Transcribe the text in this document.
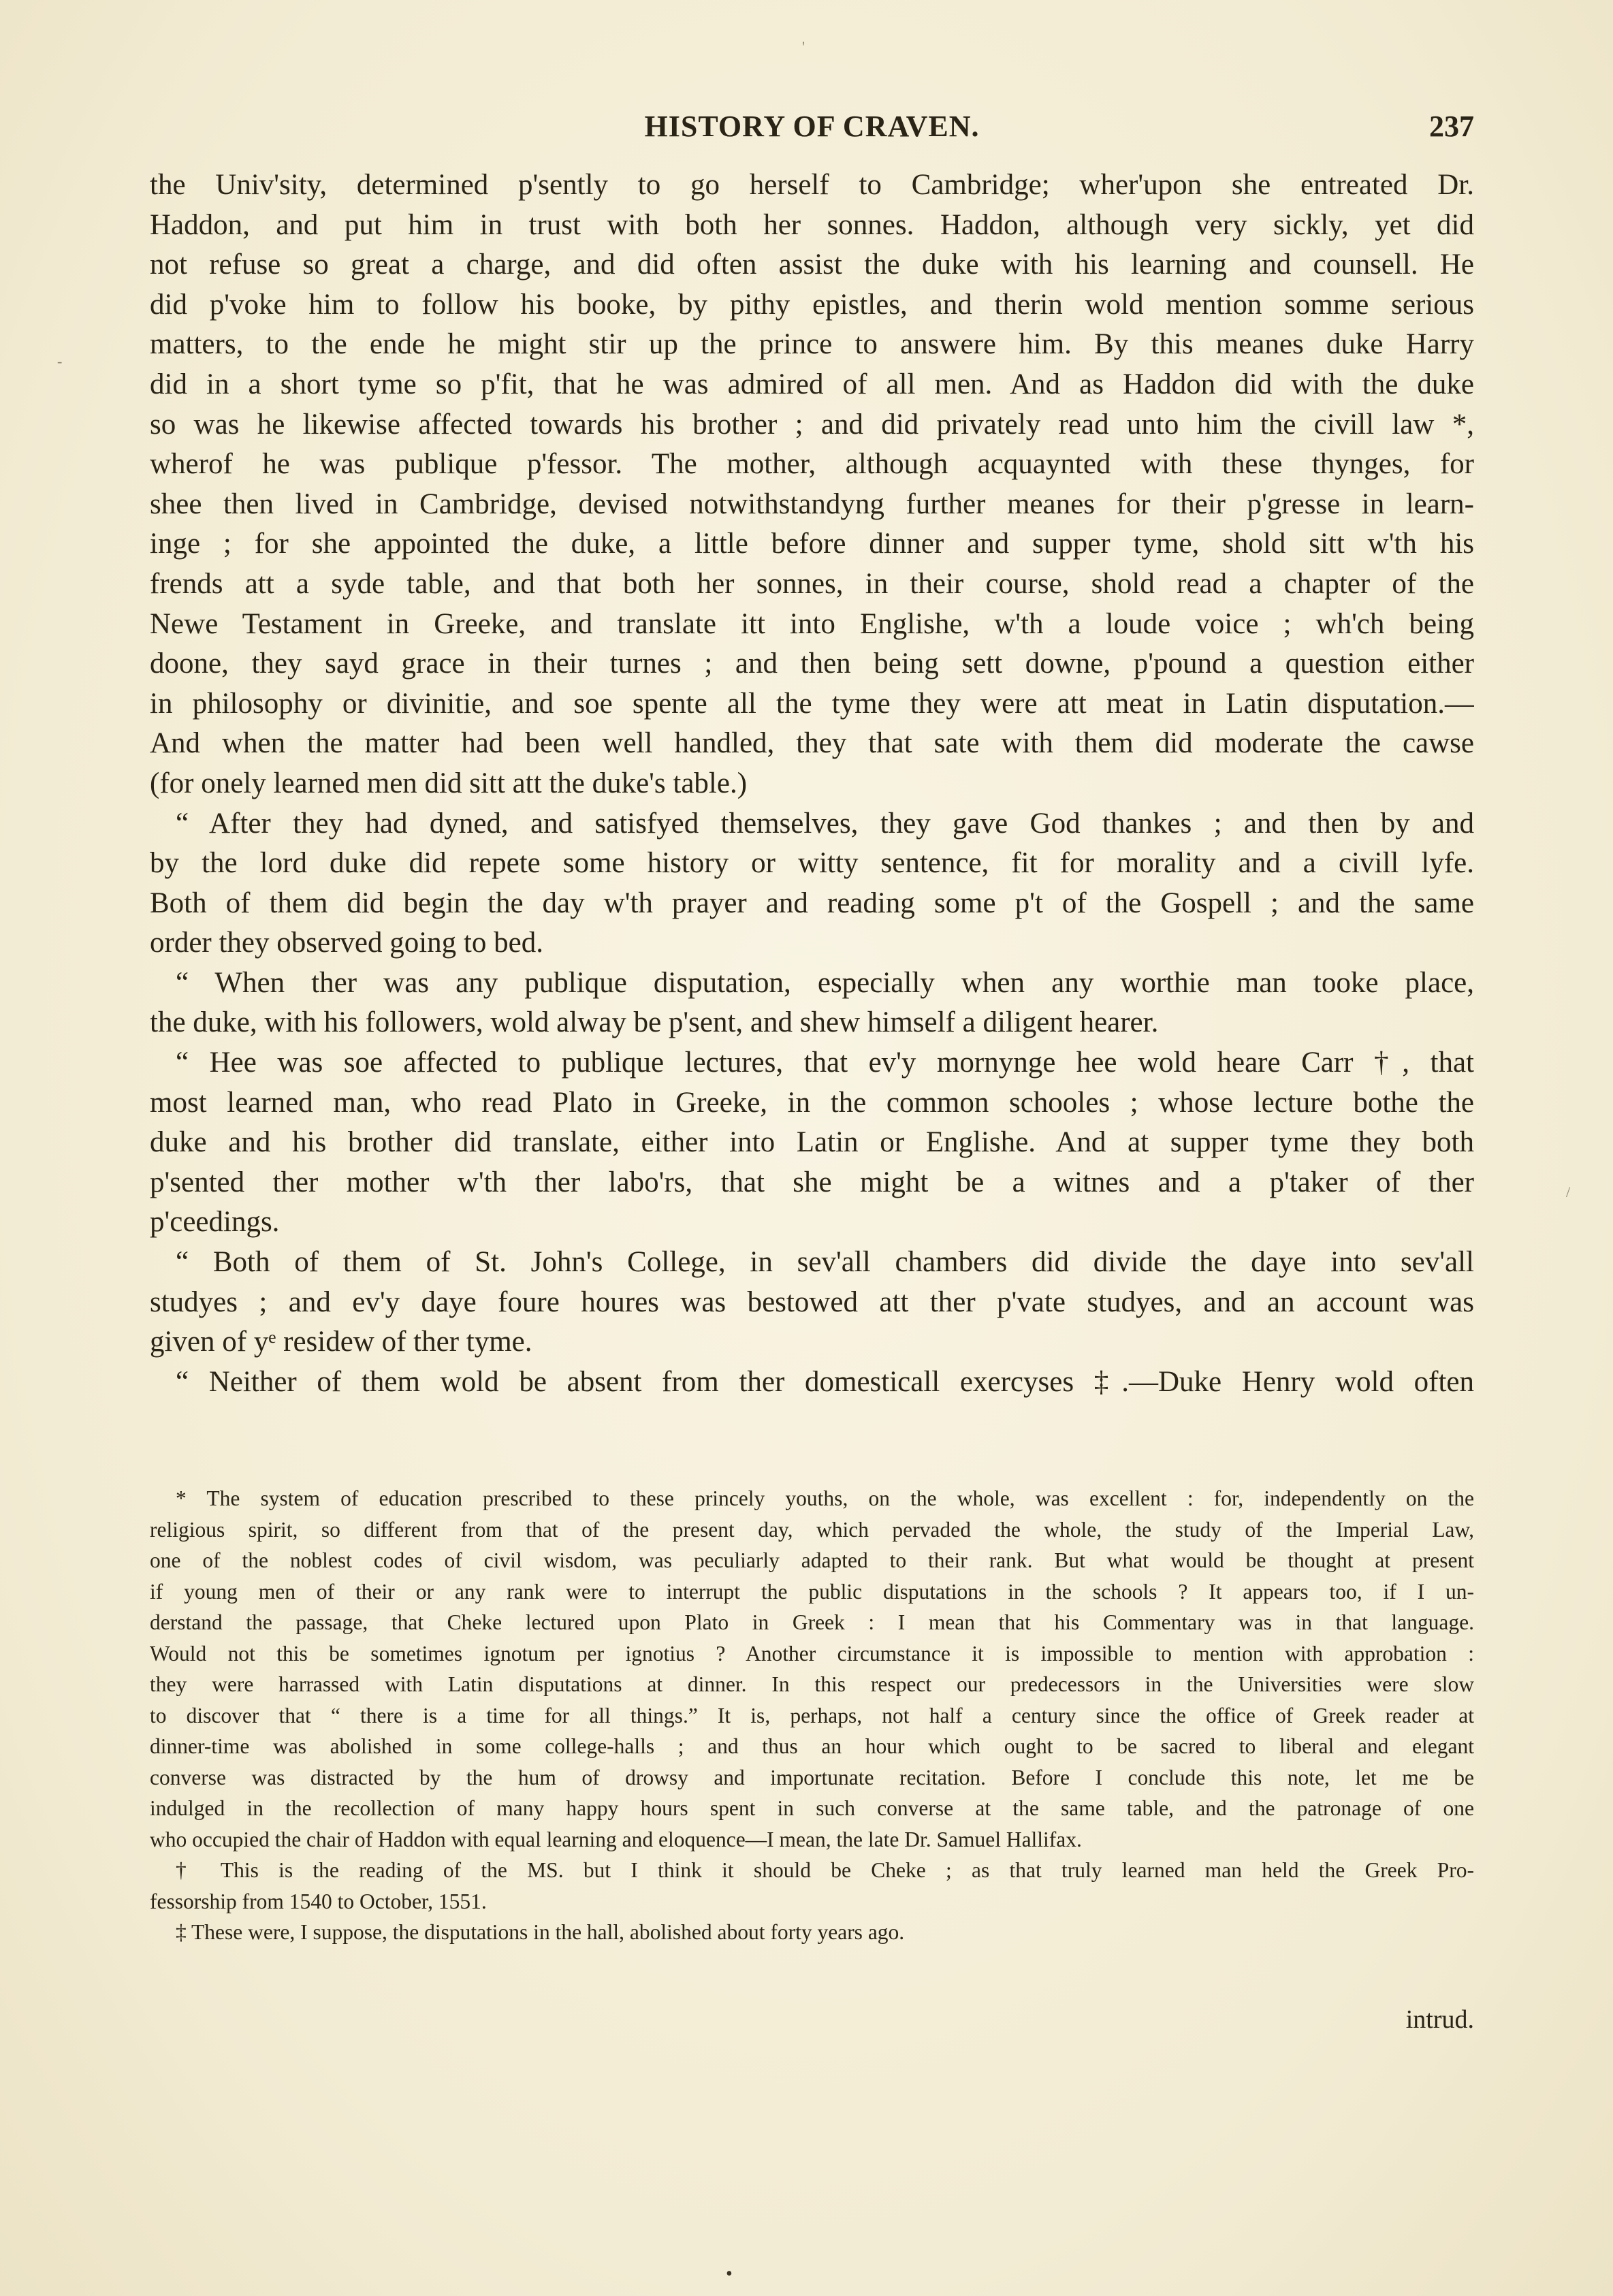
HISTORY OF CRAVEN.	237
the Univ'sity, determined p'sently to go herself to Cambridge; wher'upon she entreated Dr.
Haddon, and put him in trust with both her sonnes. Haddon, although very sickly, yet did
not refuse so great a charge, and did often assist the duke with his learning and counsell. He
did p'voke him to follow his booke, by pithy epistles, and therin wold mention somme serious
matters, to the ende he might stir up the prince to answere him. By this meanes duke Harry
did in a short tyme so p'fit, that he was admired of all men. And as Haddon did with the duke
so was he likewise affected towards his brother ; and did privately read unto him the civill law *,
wherof he was publique p'fessor. The mother, although acquaynted with these thynges, for
shee then lived in Cambridge, devised notwithstandyng further meanes for their p'gresse in learn-
inge ; for she appointed the duke, a little before dinner and supper tyme, shold sitt w'th his
frends att a syde table, and that both her sonnes, in their course, shold read a chapter of the
Newe Testament in Greeke, and translate itt into Englishe, w'th a loude voice ; wh'ch being
doone, they sayd grace in their turnes ; and then being sett downe, p'pound a question either
in philosophy or divinitie, and soe spente all the tyme they were att meat in Latin disputation.—
And when the matter had been well handled, they that sate with them did moderate the cawse
(for onely learned men did sitt att the duke's table.)
“ After they had dyned, and satisfyed themselves, they gave God thankes ; and then by and
by the lord duke did repete some history or witty sentence, fit for morality and a civill lyfe.
Both of them did begin the day w'th prayer and reading some p't of the Gospell ; and the same
order they observed going to bed.
“ When ther was any publique disputation, especially when any worthie man tooke place,
the duke, with his followers, wold alway be p'sent, and shew himself a diligent hearer.
“ Hee was soe affected to publique lectures, that ev'y mornynge hee wold heare Carr †, that
most learned man, who read Plato in Greeke, in the common schooles ; whose lecture bothe the
duke and his brother did translate, either into Latin or Englishe. And at supper tyme they both
p'sented ther mother w'th ther labo'rs, that she might be a witnes and a p'taker of ther
p'ceedings.
“ Both of them of St. John's College, in sev'all chambers did divide the daye into sev'all
studyes ; and ev'y daye foure houres was bestowed att ther p'vate studyes, and an account was
given of yᵉ residew of ther tyme.
“ Neither of them wold be absent from ther domesticall exercyses ‡.—Duke Henry wold often
* The system of education prescribed to these princely youths, on the whole, was excellent : for, independently on the
religious spirit, so different from that of the present day, which pervaded the whole, the study of the Imperial Law,
one of the noblest codes of civil wisdom, was peculiarly adapted to their rank. But what would be thought at present
if young men of their or any rank were to interrupt the public disputations in the schools ? It appears too, if I un-
derstand the passage, that Cheke lectured upon Plato in Greek : I mean that his Commentary was in that language.
Would not this be sometimes ignotum per ignotius ? Another circumstance it is impossible to mention with approbation :
they were harrassed with Latin disputations at dinner. In this respect our predecessors in the Universities were slow
to discover that “ there is a time for all things.” It is, perhaps, not half a century since the office of Greek reader at
dinner-time was abolished in some college-halls ; and thus an hour which ought to be sacred to liberal and elegant
converse was distracted by the hum of drowsy and importunate recitation. Before I conclude this note, let me be
indulged in the recollection of many happy hours spent in such converse at the same table, and the patronage of one
who occupied the chair of Haddon with equal learning and eloquence—I mean, the late Dr. Samuel Hallifax.
† This is the reading of the MS. but I think it should be Cheke ; as that truly learned man held the Greek Pro-
fessorship from 1540 to October, 1551.
‡ These were, I suppose, the disputations in the hall, abolished about forty years ago.
intrud.
'
-
/
•
